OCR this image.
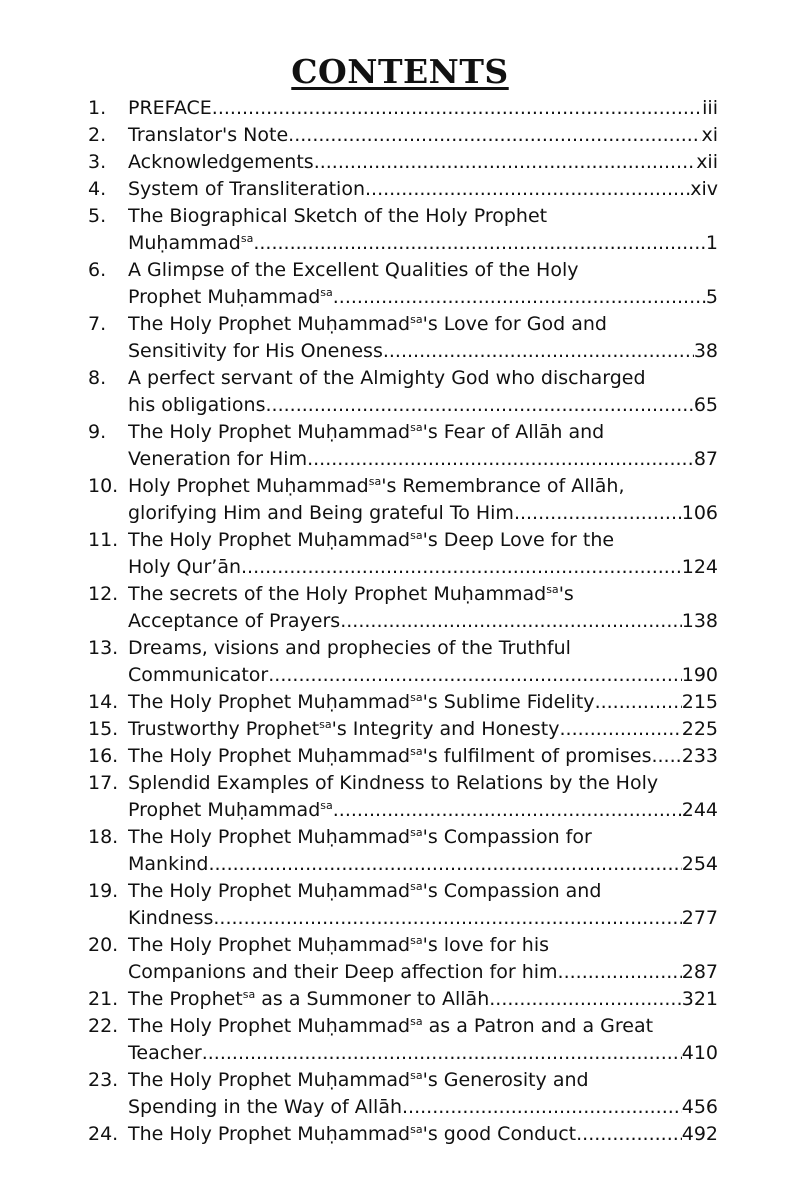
CONTENTS
1.	PREFACE .....	iii
2.	Translator's Note .....	xi
3.	Acknowledgements .....	xii
4.	System of Transliteration .....	xiv
5.	The Biographical Sketch of the Holy Prophet
Muḥammad$^{sa}$ .....	1
6.	A Glimpse of the Excellent Qualities of the Holy
Prophet Muḥammad$^{sa}$ .....	5
7.	The Holy Prophet Muḥammad$^{sa}$'s Love for God and
Sensitivity for His Oneness .....	38
8.	A perfect servant of the Almighty God who discharged
his obligations .....	65
9.	The Holy Prophet Muḥammad$^{sa}$'s Fear of Allāh and
Veneration for Him .....	87
10. Holy Prophet Muḥammad$^{sa}$'s Remembrance of Allāh,
glorifying Him and Being grateful To Him .....	106
11. The Holy Prophet Muḥammad$^{sa}$'s Deep Love for the
Holy Qur’ān .....	124
12. The secrets of the Holy Prophet Muḥammad$^{sa}$'s
Acceptance of Prayers .....	138
13. Dreams, visions and prophecies of the Truthful
Communicator .....	190
14. The Holy Prophet Muḥammad$^{sa}$'s Sublime Fidelity .....	215
15. Trustworthy Prophet$^{sa}$'s Integrity and Honesty .....	225
16. The Holy Prophet Muḥammad$^{sa}$'s fulfilment of promises ..... 233
17. Splendid Examples of Kindness to Relations by the Holy
Prophet Muḥammad$^{sa}$ .....	244
18. The Holy Prophet Muḥammad$^{sa}$'s Compassion for
Mankind .....	254
19. The Holy Prophet Muḥammad$^{sa}$'s Compassion and
Kindness .....	277
20. The Holy Prophet Muḥammad$^{sa}$'s love for his
Companions and their Deep affection for him .....	287
21. The Prophet$^{sa}$ as a Summoner to Allāh .....	321
22. The Holy Prophet Muḥammad$^{sa}$ as a Patron and a Great
Teacher .....	410
23. The Holy Prophet Muḥammad$^{sa}$'s Generosity and
Spending in the Way of Allāh .....	456
24. The Holy Prophet Muḥammad$^{sa}$'s good Conduct .....	492
